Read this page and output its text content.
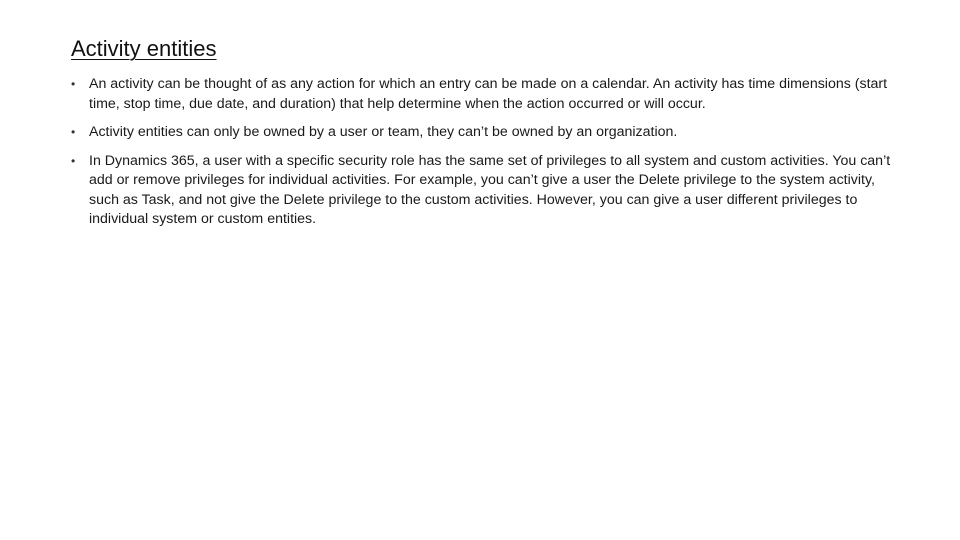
Activity entities
• An activity can be thought of as any action for which an entry can be made on a calendar. An activity has time dimensions (start time, stop time, due date, and duration) that help determine when the action occurred or will occur.
• Activity entities can only be owned by a user or team, they can’t be owned by an organization.
• In Dynamics 365, a user with a specific security role has the same set of privileges to all system and custom activities. You can’t add or remove privileges for individual activities. For example, you can’t give a user the Delete privilege to the system activity, such as Task, and not give the Delete privilege to the custom activities. However, you can give a user different privileges to individual system or custom entities.
